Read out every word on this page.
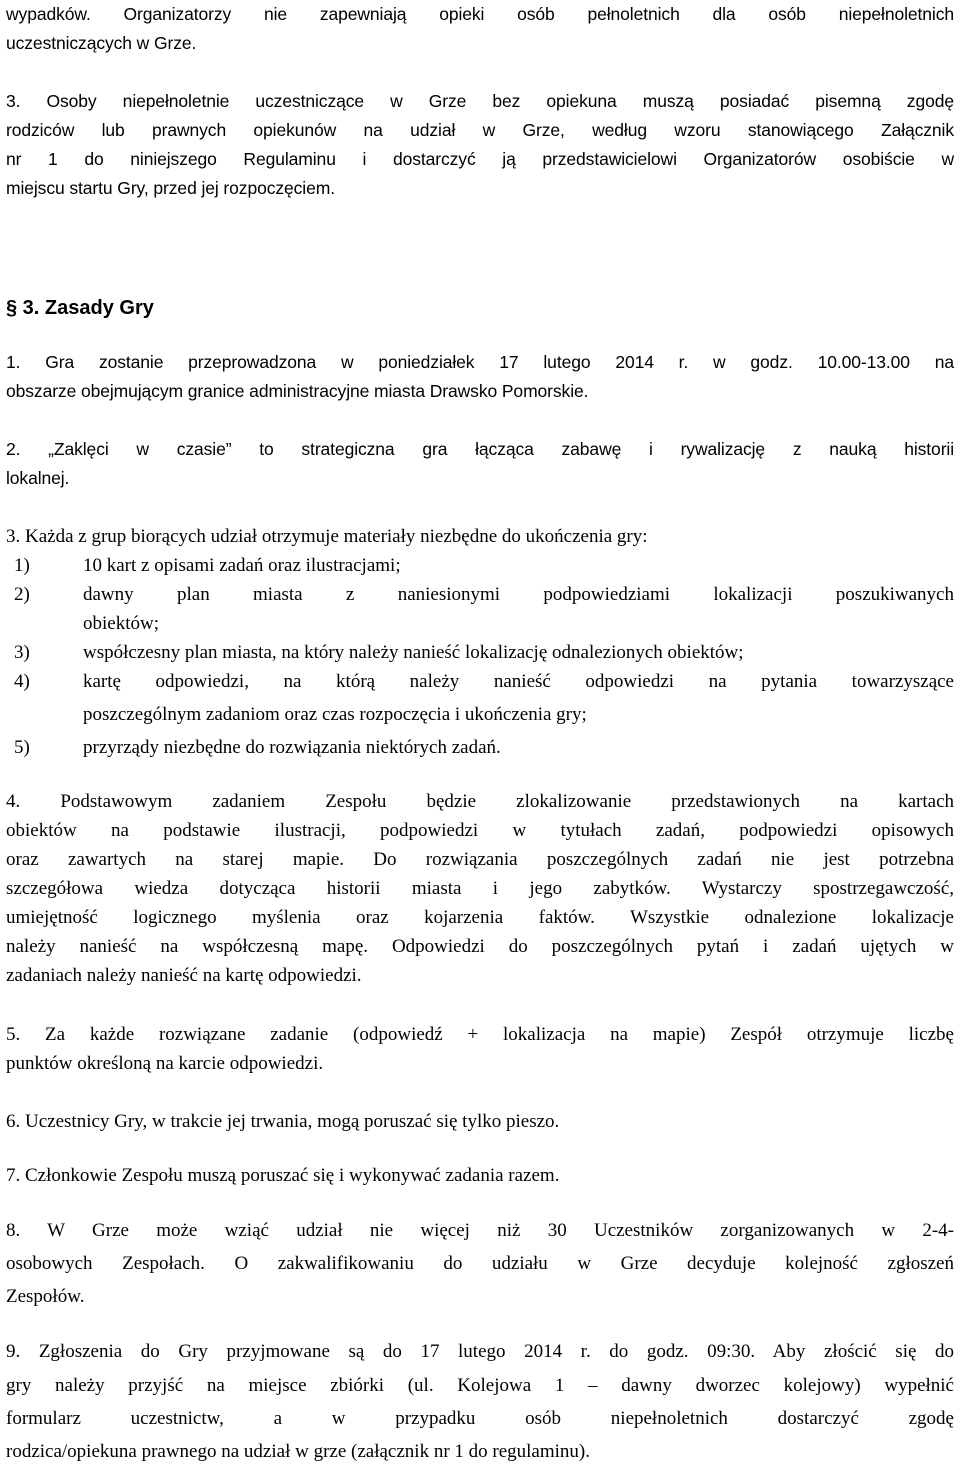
wypadków. Organizatorzy nie zapewniają opieki osób pełnoletnich dla osób niepełnoletnich
uczestniczących w Grze.
3. Osoby niepełnoletnie uczestniczące w Grze bez opiekuna muszą posiadać pisemną zgodę
rodziców lub prawnych opiekunów na udział w Grze, według wzoru stanowiącego Załącznik
nr 1 do niniejszego Regulaminu i dostarczyć ją przedstawicielowi Organizatorów osobiście w
miejscu startu Gry, przed jej rozpoczęciem.
§ 3. Zasady Gry
1. Gra zostanie przeprowadzona w poniedziałek 17 lutego 2014 r. w godz. 10.00-13.00 na
obszarze obejmującym granice administracyjne miasta Drawsko Pomorskie.
2. „Zaklęci w czasie” to strategiczna gra łącząca zabawę i rywalizację z nauką historii
lokalnej.
3. Każda z grup biorących udział otrzymuje materiały niezbędne do ukończenia gry:
1)	10 kart z opisami zadań oraz ilustracjami;
2)	dawny plan miasta z naniesionymi podpowiedziami lokalizacji poszukiwanych
obiektów;
3)	współczesny plan miasta, na który należy nanieść lokalizację odnalezionych obiektów;
4)	kartę odpowiedzi, na którą należy nanieść odpowiedzi na pytania towarzyszące
poszczególnym zadaniom oraz czas rozpoczęcia i ukończenia gry;
5)	przyrządy niezbędne do rozwiązania niektórych zadań.
4. Podstawowym zadaniem Zespołu będzie zlokalizowanie przedstawionych na kartach
obiektów na podstawie ilustracji, podpowiedzi w tytułach zadań, podpowiedzi opisowych
oraz zawartych na starej mapie. Do rozwiązania poszczególnych zadań nie jest potrzebna
szczegółowa wiedza dotycząca historii miasta i jego zabytków. Wystarczy spostrzegawczość,
umiejętność logicznego myślenia oraz kojarzenia faktów. Wszystkie odnalezione lokalizacje
należy nanieść na współczesną mapę. Odpowiedzi do poszczególnych pytań i zadań ujętych w
zadaniach należy nanieść na kartę odpowiedzi.
5. Za każde rozwiązane zadanie (odpowiedź + lokalizacja na mapie) Zespół otrzymuje liczbę
punktów określoną na karcie odpowiedzi.
6. Uczestnicy Gry, w trakcie jej trwania, mogą poruszać się tylko pieszo.
7. Członkowie Zespołu muszą poruszać się i wykonywać zadania razem.
8. W Grze może wziąć udział nie więcej niż 30 Uczestników zorganizowanych w 2-4-
osobowych Zespołach. O zakwalifikowaniu do udziału w Grze decyduje kolejność zgłoszeń
Zespołów.
9. Zgłoszenia do Gry przyjmowane są do 17 lutego 2014 r. do godz. 09:30. Aby złościć się do
gry należy przyjść na miejsce zbiórki (ul. Kolejowa 1 – dawny dworzec kolejowy) wypełnić
formularz uczestnictw, a w przypadku osób niepełnoletnich dostarczyć zgodę
rodzica/opiekuna prawnego na udział w grze (załącznik nr 1 do regulaminu).
